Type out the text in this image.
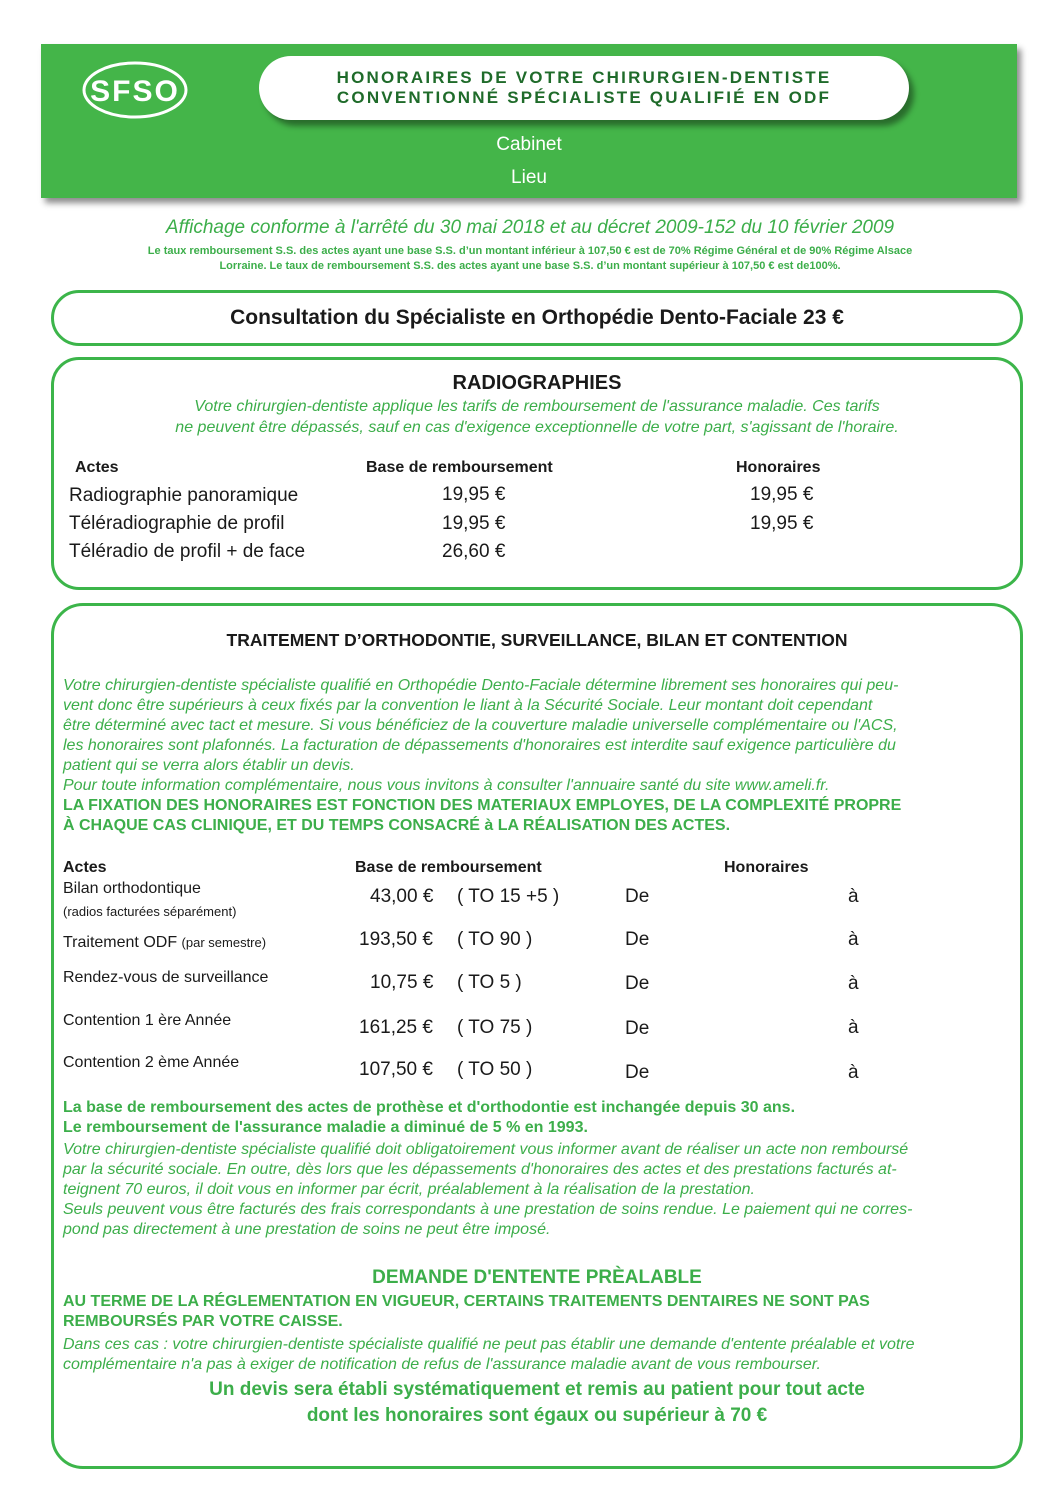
SFSO	HONORAIRES DE VOTRE CHIRURGIEN-DENTISTE
CONVENTIONNÉ SPÉCIALISTE QUALIFIÉ EN ODF
Cabinet
Lieu
Affichage conforme à l'arrêté du 30 mai 2018 et au décret 2009-152 du 10 février 2009
Le taux remboursement S.S. des actes ayant une base S.S. d’un montant inférieur à 107,50 € est de 70% Régime Général et de 90% Régime Alsace
Lorraine. Le taux de remboursement S.S. des actes ayant une base S.S. d’un montant supérieur à 107,50 € est de100%.
Consultation du Spécialiste en Orthopédie Dento-Faciale 23 €
RADIOGRAPHIES
Votre chirurgien-dentiste applique les tarifs de remboursement de l'assurance maladie. Ces tarifs
ne peuvent être dépassés, sauf en cas d'exigence exceptionnelle de votre part, s'agissant de l'horaire.
Actes	Base de remboursement	Honoraires
Radiographie panoramique	19,95 €	19,95 €
Téléradiographie de profil	19,95 €	19,95 €
Téléradio de profil + de face	26,60 €
TRAITEMENT D’ORTHODONTIE, SURVEILLANCE, BILAN ET CONTENTION
Votre chirurgien-dentiste spécialiste qualifié en Orthopédie Dento-Faciale détermine librement ses honoraires qui peu-
vent donc être supérieurs à ceux fixés par la convention le liant à la Sécurité Sociale. Leur montant doit cependant
être déterminé avec tact et mesure. Si vous bénéficiez de la couverture maladie universelle complémentaire ou l'ACS,
les honoraires sont plafonnés. La facturation de dépassements d'honoraires est interdite sauf exigence particulière du
patient qui se verra alors établir un devis.
Pour toute information complémentaire, nous vous invitons à consulter l'annuaire santé du site www.ameli.fr.
LA FIXATION DES HONORAIRES EST FONCTION DES MATERIAUX EMPLOYES, DE LA COMPLEXITÉ PROPRE
À CHAQUE CAS CLINIQUE, ET DU TEMPS CONSACRÉ à LA RÉALISATION DES ACTES.
Actes	Base de remboursement	Honoraires
Bilan orthodontique
(radios facturées séparément)
43,00 € ( TO 15 +5 )	De	à
Traitement ODF (par semestre)	193,50 € ( TO 90 )	De	à
Rendez-vous de surveillance	10,75 € ( TO 5 )	De	à
Contention 1 ère Année	161,25 € ( TO 75 )	De	à
Contention 2 ème Année	107,50 € ( TO 50 )	De	à
La base de remboursement des actes de prothèse et d'orthodontie est inchangée depuis 30 ans.
Le remboursement de l'assurance maladie a diminué de 5 % en 1993.
Votre chirurgien-dentiste spécialiste qualifié doit obligatoirement vous informer avant de réaliser un acte non remboursé
par la sécurité sociale. En outre, dès lors que les dépassements d'honoraires des actes et des prestations facturés at-
teignent 70 euros, il doit vous en informer par écrit, préalablement à la réalisation de la prestation.
Seuls peuvent vous être facturés des frais correspondants à une prestation de soins rendue. Le paiement qui ne corres-
pond pas directement à une prestation de soins ne peut être imposé.
DEMANDE D'ENTENTE PRÈALABLE
AU TERME DE LA RÉGLEMENTATION EN VIGUEUR, CERTAINS TRAITEMENTS DENTAIRES NE SONT PAS
REMBOURSÉS PAR VOTRE CAISSE.
Dans ces cas : votre chirurgien-dentiste spécialiste qualifié ne peut pas établir une demande d'entente préalable et votre
complémentaire n'a pas à exiger de notification de refus de l'assurance maladie avant de vous rembourser.
Un devis sera établi systématiquement et remis au patient pour tout acte
dont les honoraires sont égaux ou supérieur à 70 €
